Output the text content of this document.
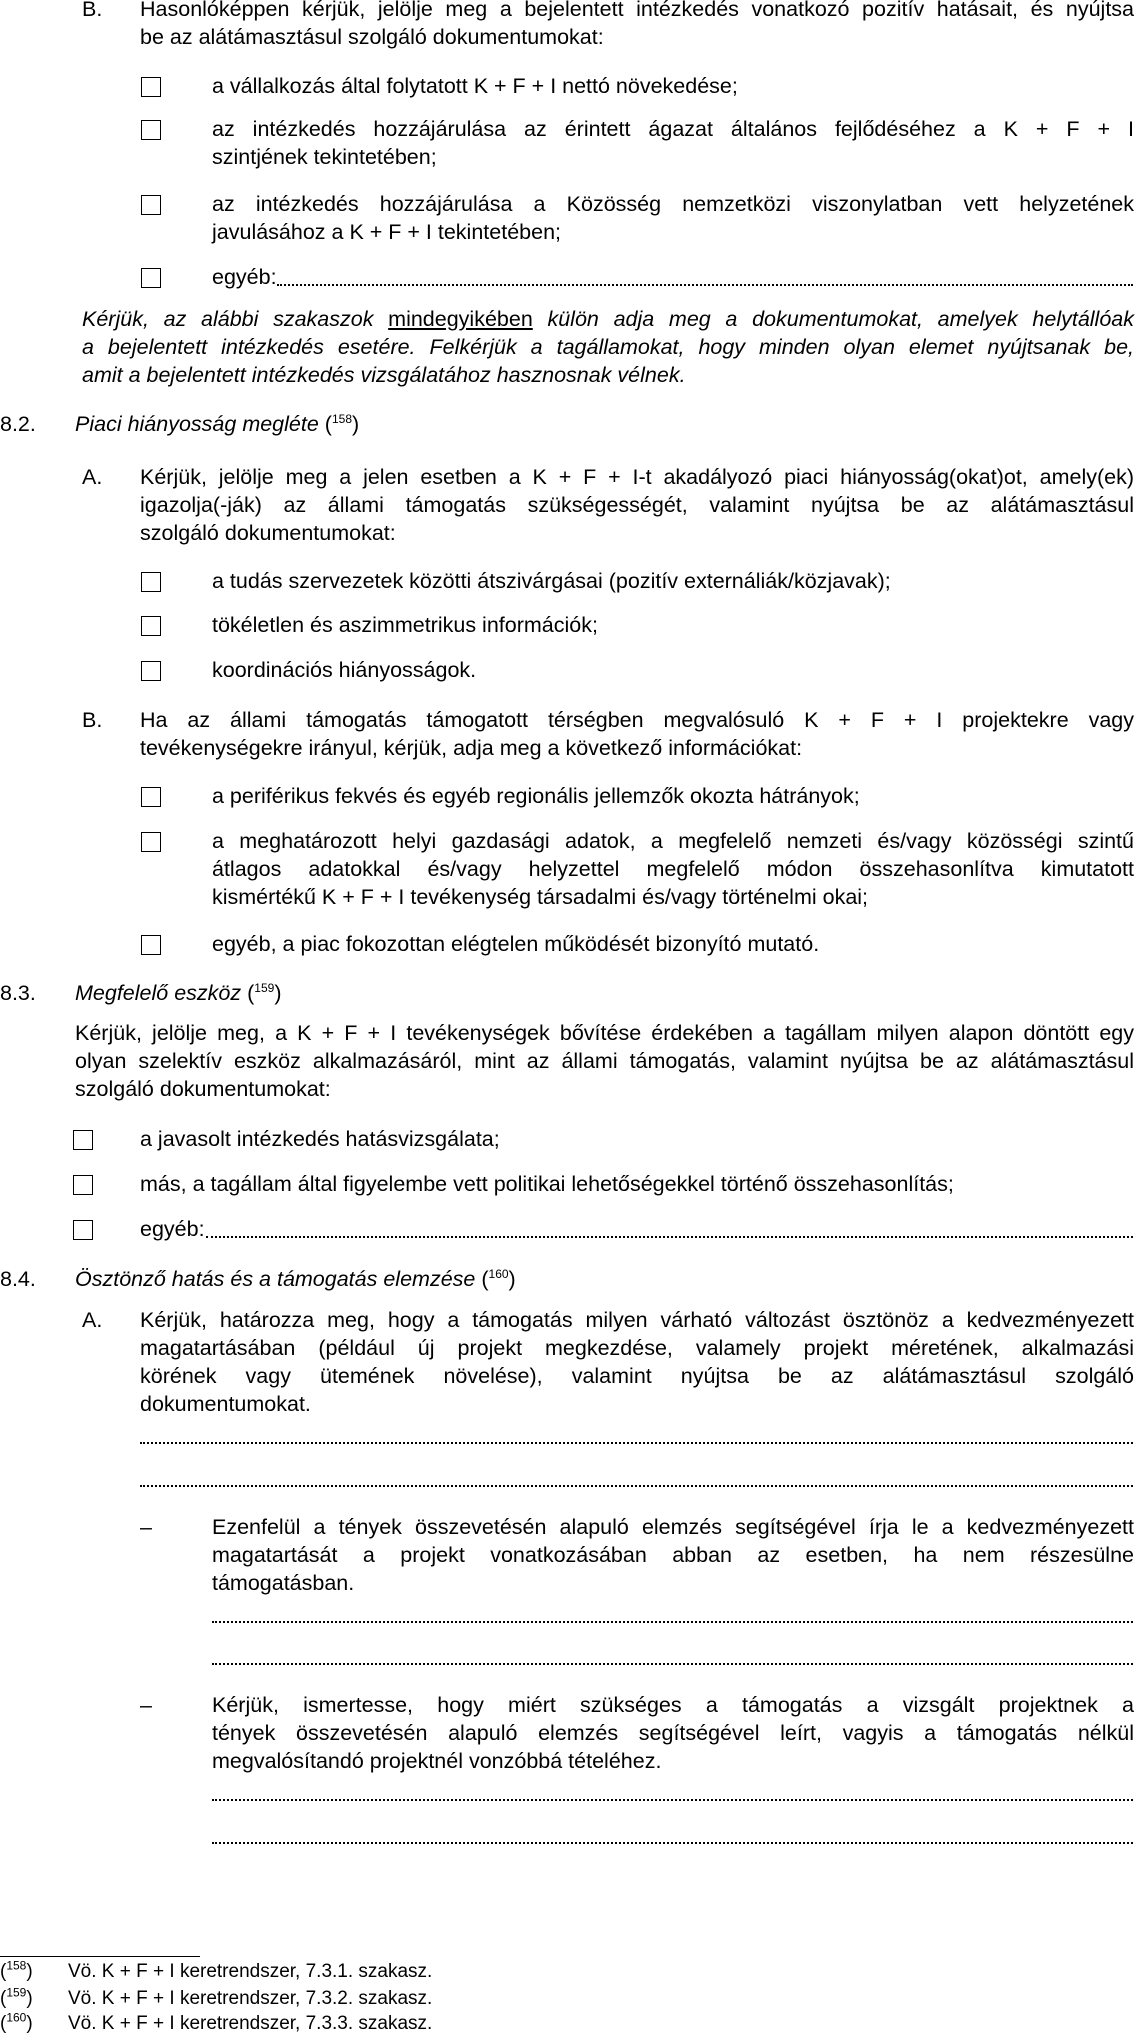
B. Hasonlóképpen kérjük, jelölje meg a bejelentett intézkedés vonatkozó pozitív hatásait, és nyújtsa
be az alátámasztásul szolgáló dokumentumokat:
a vállalkozás által folytatott K + F + I nettó növekedése;
az intézkedés hozzájárulása az érintett ágazat általános fejlődéséhez a K + F + I
szintjének tekintetében;
az intézkedés hozzájárulása a Közösség nemzetközi viszonylatban vett helyzetének
javulásához a K + F + I tekintetében;
egyéb:
Kérjük, az alábbi szakaszok mindegyikében külön adja meg a dokumentumokat, amelyek helytállóak
a bejelentett intézkedés esetére. Felkérjük a tagállamokat, hogy minden olyan elemet nyújtsanak be,
amit a bejelentett intézkedés vizsgálatához hasznosnak vélnek.
8.2. Piaci hiányosság megléte ($^{158}$)
A. Kérjük, jelölje meg a jelen esetben a K + F + I-t akadályozó piaci hiányosság(okat)ot, amely(ek)
igazolja(-ják) az állami támogatás szükségességét, valamint nyújtsa be az alátámasztásul
szolgáló dokumentumokat:
a tudás szervezetek közötti átszivárgásai (pozitív externáliák/közjavak);
tökéletlen és aszimmetrikus információk;
koordinációs hiányosságok.
B. Ha az állami támogatás támogatott térségben megvalósuló K + F + I projektekre vagy
tevékenységekre irányul, kérjük, adja meg a következő információkat:
a periférikus fekvés és egyéb regionális jellemzők okozta hátrányok;
a meghatározott helyi gazdasági adatok, a megfelelő nemzeti és/vagy közösségi szintű
átlagos adatokkal és/vagy helyzettel megfelelő módon összehasonlítva kimutatott
kismértékű K + F + I tevékenység társadalmi és/vagy történelmi okai;
egyéb, a piac fokozottan elégtelen működését bizonyító mutató.
8.3. Megfelelő eszköz ($^{159}$)
Kérjük, jelölje meg, a K + F + I tevékenységek bővítése érdekében a tagállam milyen alapon döntött egy
olyan szelektív eszköz alkalmazásáról, mint az állami támogatás, valamint nyújtsa be az alátámasztásul
szolgáló dokumentumokat:
a javasolt intézkedés hatásvizsgálata;
más, a tagállam által figyelembe vett politikai lehetőségekkel történő összehasonlítás;
egyéb:
8.4. Ösztönző hatás és a támogatás elemzése ($^{160}$)
A. Kérjük, határozza meg, hogy a támogatás milyen várható változást ösztönöz a kedvezményezett
magatartásában (például új projekt megkezdése, valamely projekt méretének, alkalmazási
körének vagy ütemének növelése), valamint nyújtsa be az alátámasztásul szolgáló
dokumentumokat.
–	Ezenfelül a tények összevetésén alapuló elemzés segítségével írja le a kedvezményezett
magatartását a projekt vonatkozásában abban az esetben, ha nem részesülne
támogatásban.
–	Kérjük, ismertesse, hogy miért szükséges a támogatás a vizsgált projektnek a
tények összevetésén alapuló elemzés segítségével leírt, vagyis a támogatás nélkül
megvalósítandó projektnél vonzóbbá tételéhez.
($^{158}$) Vö. K + F + I keretrendszer, 7.3.1. szakasz.
($^{159}$) Vö. K + F + I keretrendszer, 7.3.2. szakasz.
($^{160}$) Vö. K + F + I keretrendszer, 7.3.3. szakasz.
